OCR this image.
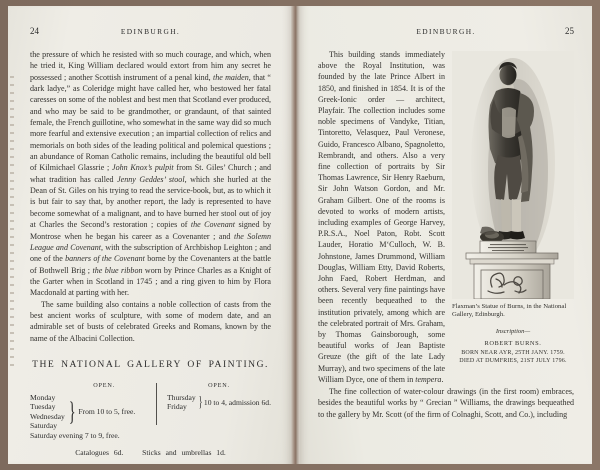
24	EDINBURGH.

the pressure of which he resisted with so much courage, and which, when he tried it, King William declared would extort from him any secret he possessed ; another Scottish instrument of a penal kind, the maiden, that “ dark ladye,” as Coleridge might have called her, who bestowed her fatal caresses on some of the noblest and best men that Scotland ever produced, and who may be said to be grandmother, or grandaunt, of that sainted female, the French guillotine, who somewhat in the same way did so much more fearful and extensive execution ; an impartial collection of relics and memorials on both sides of the leading political and polemical questions ; an abundance of Roman Catholic remains, including the beautiful old bell of Kilmichael Glassrie ; John Knox’s pulpit from St. Giles’ Church ; and what tradition has called Jenny Geddes’ stool, which she hurled at the Dean of St. Giles on his trying to read the service-book, but, as to which it is but fair to say that, by another report, the lady is represented to have become somewhat of a malignant, and to have burned her stool out of joy at Charles the Second’s restoration ; copies of the Covenant signed by Montrose when he began his career as a Covenanter ; and the Solemn League and Covenant, with the subscription of Archbishop Leighton ; and one of the banners of the Covenant borne by the Covenanters at the battle of Bothwell Brig ; the blue ribbon worn by Prince Charles as a Knight of the Garter when in Scotland in 1745 ; and a ring given to him by Flora Macdonald at parting with her.

The same building also contains a noble collection of casts from the best ancient works of sculpture, with some of modern date, and an admirable set of busts of celebrated Greeks and Romans, known by the name of the Albacini Collection.

THE NATIONAL GALLERY OF PAINTING.
OPEN.
Monday
Tuesday
Wednesday
Saturday } From 10 to 5, free.
Saturday evening 7 to 9, free.
OPEN.
Thursday
Friday } 10 to 4, admission 6d.
Catalogues 6d. Sticks and umbrellas 1d.
EDINBURGH.	25
Flaxman’s Statue of Burns, in the National Gallery, Edinburgh.
Inscription—
ROBERT BURNS.
BORN NEAR AYR, 25TH JANY. 1759.
DIED AT DUMFRIES, 21ST JULY 1796.

This building stands immediately above the Royal Institution, was founded by the late Prince Albert in 1850, and finished in 1854. It is of the Greek-Ionic order — architect, Playfair. The collection includes some noble specimens of Vandyke, Titian, Tintoretto, Velasquez, Paul Veronese, Guido, Francesco Albano, Spagnoletto, Rembrandt, and others. Also a very fine collection of portraits by Sir Thomas Lawrence, Sir Henry Raeburn, Sir John Watson Gordon, and Mr. Graham Gilbert. One of the rooms is devoted to works of modern artists, including examples of George Harvey, P.R.S.A., Noel Paton, Robt. Scott Lauder, Horatio M‘Culloch, W. B. Johnstone, James Drummond, William Douglas, William Etty, David Roberts, John Faed, Robert Herdman, and others. Several very fine paintings have been recently bequeathed to the institution privately, among which are the celebrated portrait of Mrs. Graham, by Thomas Gainsborough, some beautiful works of Jean Baptiste Greuze (the gift of the late Lady Murray), and two specimens of the late William Dyce, one of them in tempera.

The fine collection of water-colour drawings (in the first room) embraces, besides the beautiful works by “ Grecian ” Williams, the drawings bequeathed to the gallery by Mr. Scott (of the firm of Colnaghi, Scott, and Co.), including
